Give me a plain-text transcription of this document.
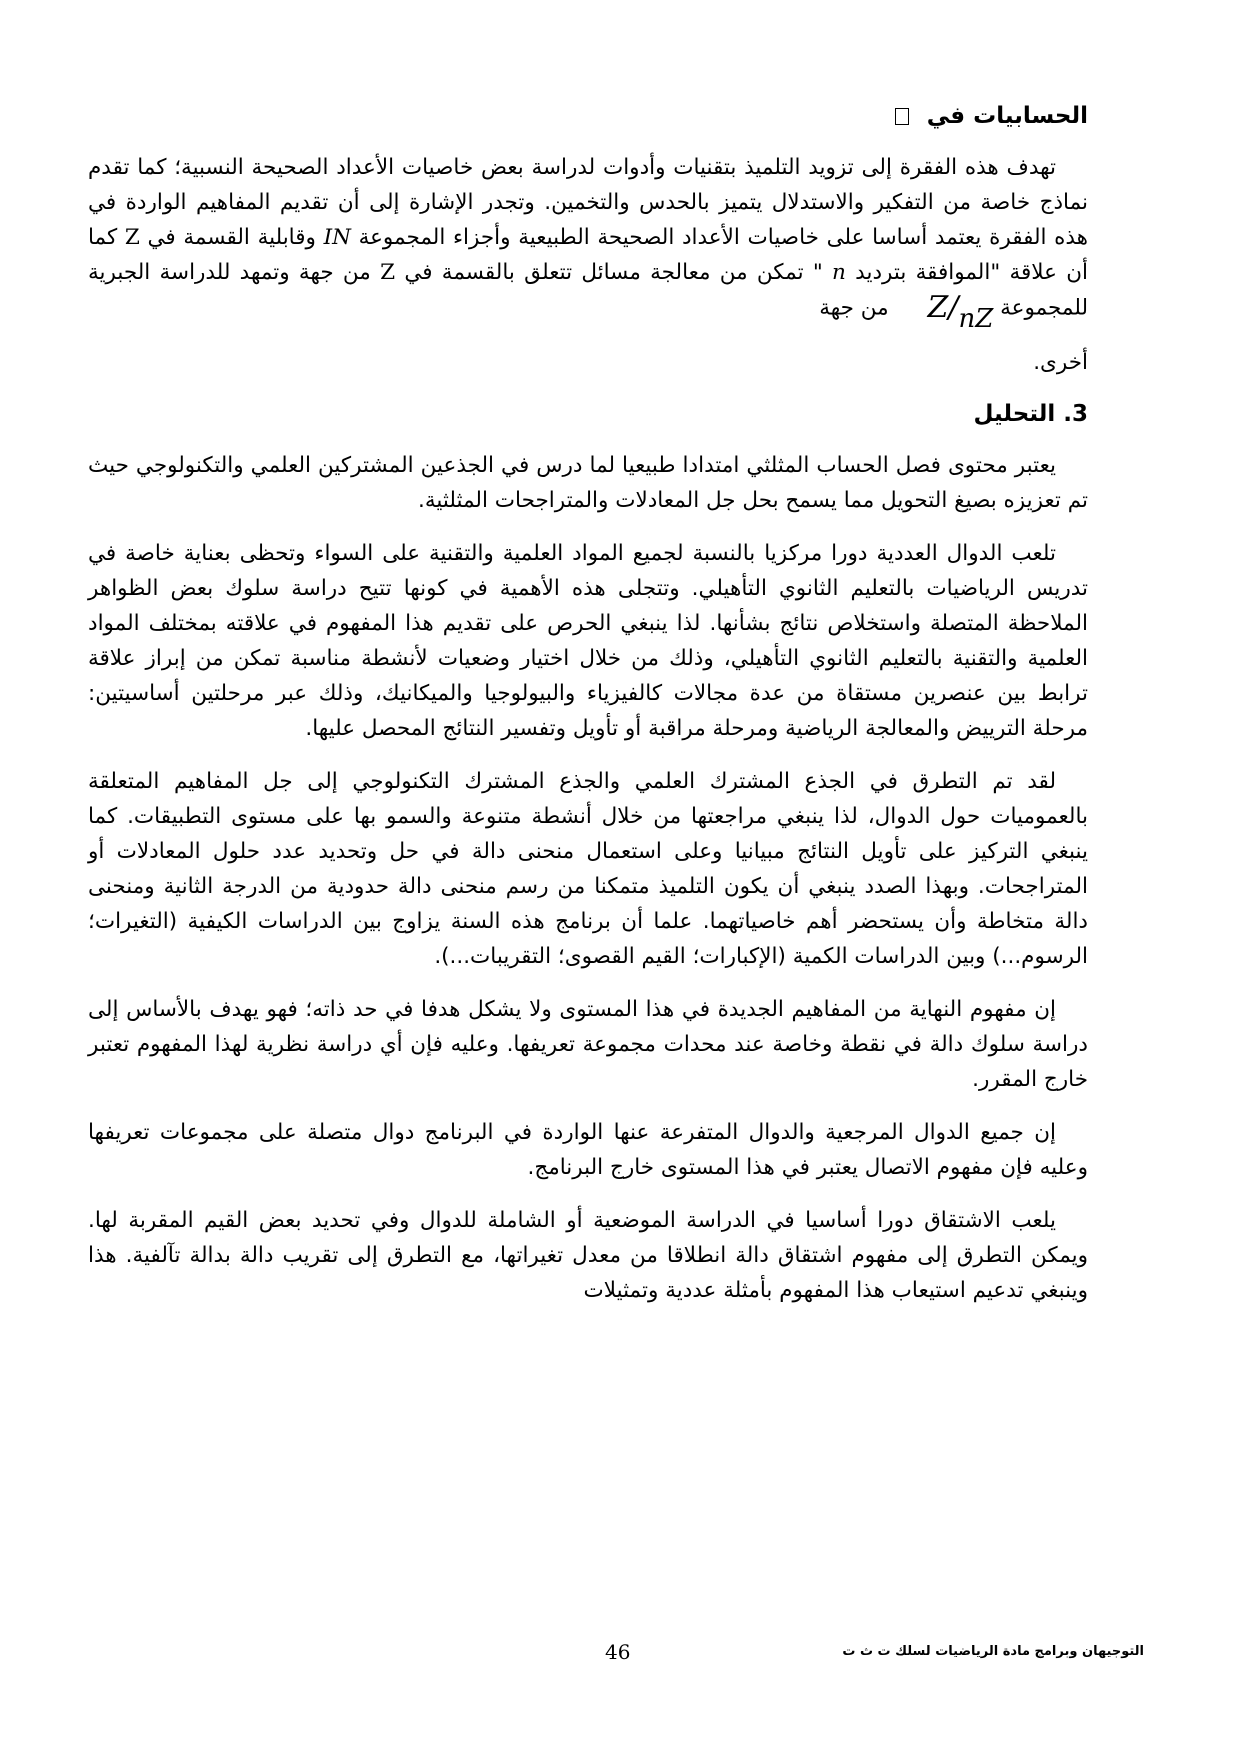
الحسابيات في

تهدف هذه الفقرة إلى تزويد التلميذ بتقنيات وأدوات لدراسة بعض خاصيات الأعداد الصحيحة النسبية؛ كما تقدم نماذج خاصة من التفكير والاستدلال يتميز بالحدس والتخمين. وتجدر الإشارة إلى أن تقديم المفاهيم الواردة في هذه الفقرة يعتمد أساسا على خاصيات الأعداد الصحيحة الطبيعية وأجزاء المجموعة IN وقابلية القسمة في Z كما أن علاقة "الموافقة بترديد n " تمكن من معالجة مسائل تتعلق بالقسمة في Z من جهة وتمهد للدراسة الجبرية للمجموعة Z/nZ من جهة

أخرى.
3. التحليل

يعتبر محتوى فصل الحساب المثلثي امتدادا طبيعيا لما درس في الجذعين المشتركين العلمي والتكنولوجي حيث تم تعزيزه بصيغ التحويل مما يسمح بحل جل المعادلات والمتراجحات المثلثية.

تلعب الدوال العددية دورا مركزيا بالنسبة لجميع المواد العلمية والتقنية على السواء وتحظى بعناية خاصة في تدريس الرياضيات بالتعليم الثانوي التأهيلي. وتتجلى هذه الأهمية في كونها تتيح دراسة سلوك بعض الظواهر الملاحظة المتصلة واستخلاص نتائج بشأنها. لذا ينبغي الحرص على تقديم هذا المفهوم في علاقته بمختلف المواد العلمية والتقنية بالتعليم الثانوي التأهيلي، وذلك من خلال اختيار وضعيات لأنشطة مناسبة تمكن من إبراز علاقة ترابط بين عنصرين مستقاة من عدة مجالات كالفيزياء والبيولوجيا والميكانيك، وذلك عبر مرحلتين أساسيتين: مرحلة الترييض والمعالجة الرياضية ومرحلة مراقبة أو تأويل وتفسير النتائج المحصل عليها.

لقد تم التطرق في الجذع المشترك العلمي والجذع المشترك التكنولوجي إلى جل المفاهيم المتعلقة بالعموميات حول الدوال، لذا ينبغي مراجعتها من خلال أنشطة متنوعة والسمو بها على مستوى التطبيقات. كما ينبغي التركيز على تأويل النتائج مبيانيا وعلى استعمال منحنى دالة في حل وتحديد عدد حلول المعادلات أو المتراجحات. وبهذا الصدد ينبغي أن يكون التلميذ متمكنا من رسم منحنى دالة حدودية من الدرجة الثانية ومنحنى دالة متخاطة وأن يستحضر أهم خاصياتهما. علما أن برنامج هذه السنة يزاوج بين الدراسات الكيفية (التغيرات؛ الرسوم...) وبين الدراسات الكمية (الإكبارات؛ القيم القصوى؛ التقريبات...).

إن مفهوم النهاية من المفاهيم الجديدة في هذا المستوى ولا يشكل هدفا في حد ذاته؛ فهو يهدف بالأساس إلى دراسة سلوك دالة في نقطة وخاصة عند محدات مجموعة تعريفها. وعليه فإن أي دراسة نظرية لهذا المفهوم تعتبر خارج المقرر.

إن جميع الدوال المرجعية والدوال المتفرعة عنها الواردة في البرنامج دوال متصلة على مجموعات تعريفها وعليه فإن مفهوم الاتصال يعتبر في هذا المستوى خارج البرنامج.

يلعب الاشتقاق دورا أساسيا في الدراسة الموضعية أو الشاملة للدوال وفي تحديد بعض القيم المقربة لها. ويمكن التطرق إلى مفهوم اشتقاق دالة انطلاقا من معدل تغيراتها، مع التطرق إلى تقريب دالة بدالة تآلفية. هذا وينبغي تدعيم استيعاب هذا المفهوم بأمثلة عددية وتمثيلات

46	التوجيهان وبرامج مادة الرياضيات لسلك ت ث ت
